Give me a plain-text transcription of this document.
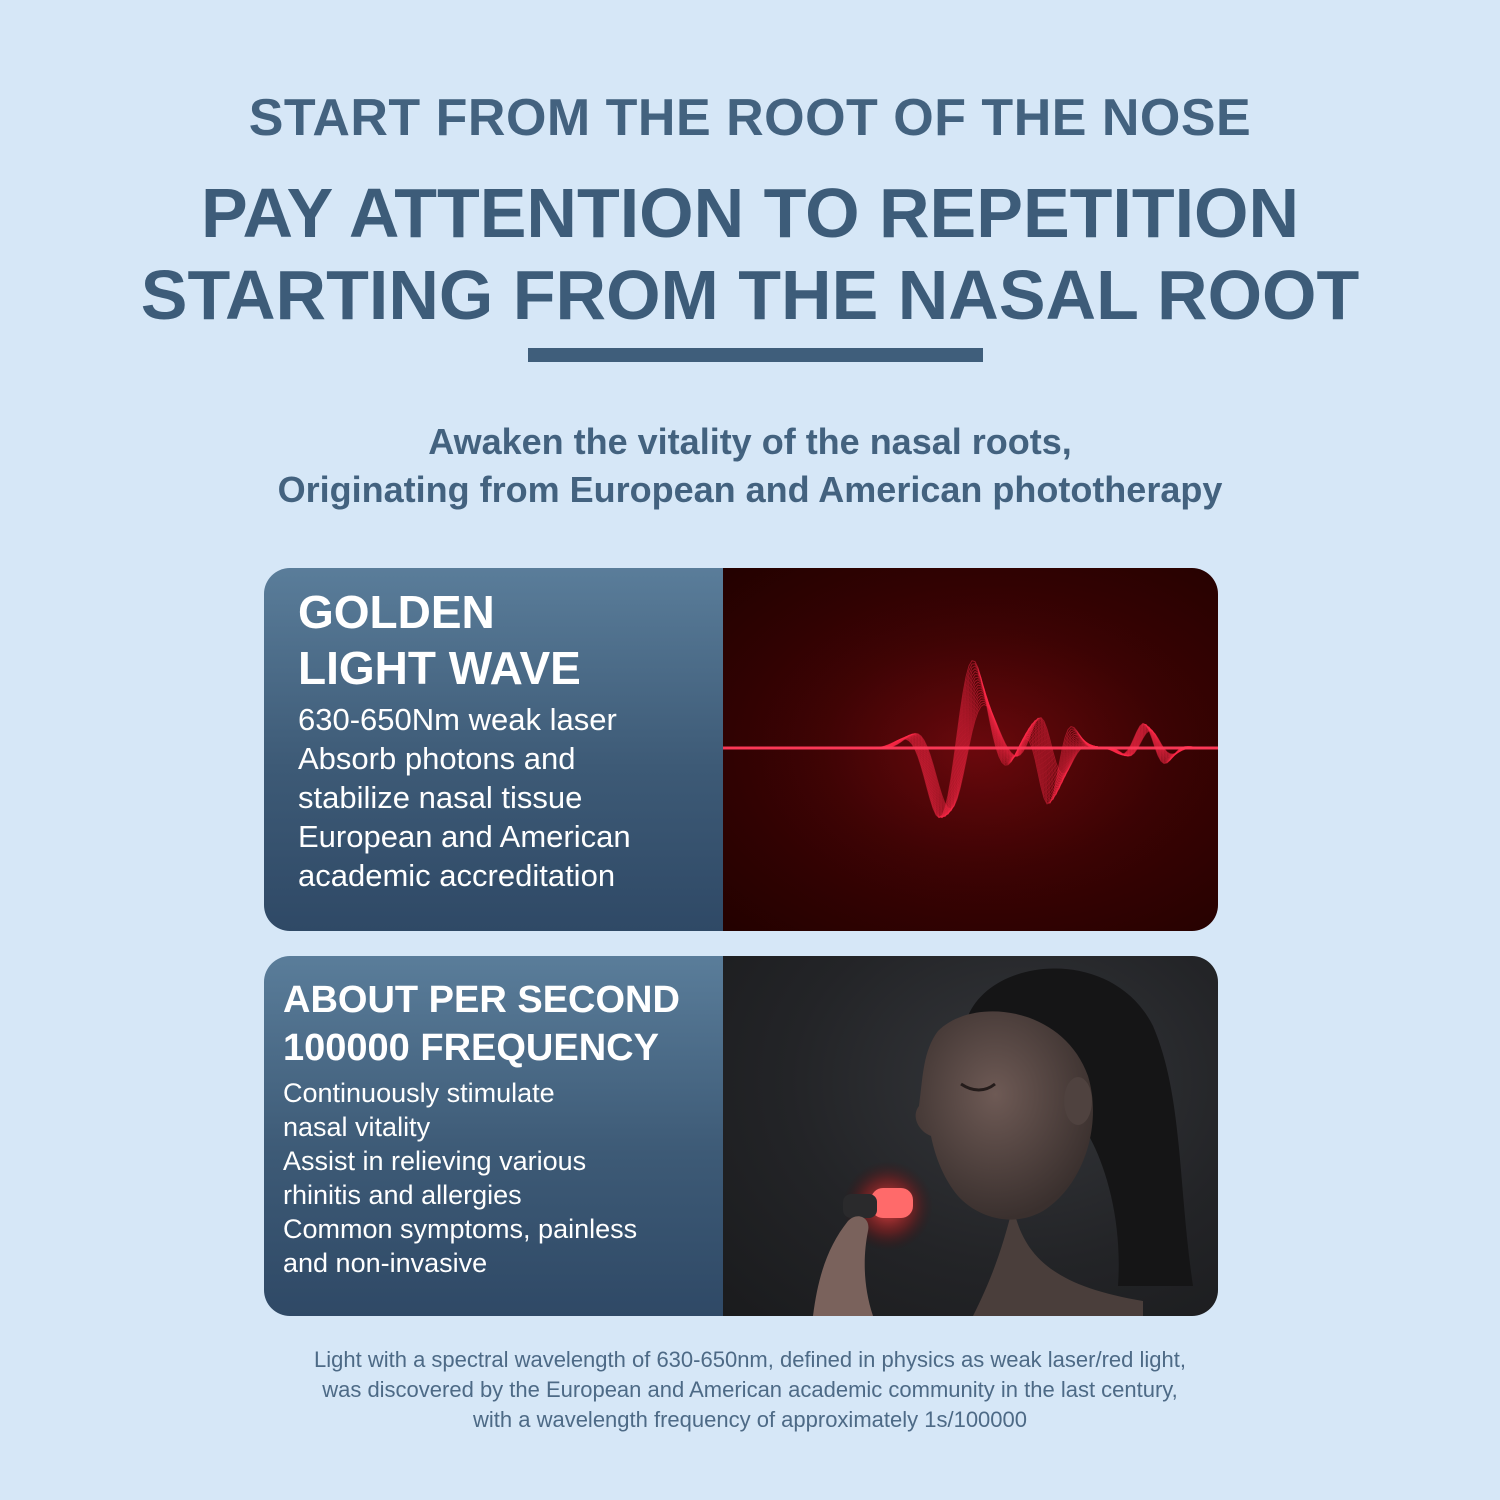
START FROM THE ROOT OF THE NOSE
PAY ATTENTION TO REPETITION
STARTING FROM THE NASAL ROOT
Awaken the vitality of the nasal roots,
Originating from European and American phototherapy
GOLDEN
LIGHT WAVE
630-650Nm weak laser
Absorb photons and
stabilize nasal tissue
European and American
academic accreditation
ABOUT PER SECOND
100000 FREQUENCY
Continuously stimulate
nasal vitality
Assist in relieving various
rhinitis and allergies
Common symptoms, painless
and non-invasive
Light with a spectral wavelength of 630-650nm, defined in physics as weak laser/red light,
was discovered by the European and American academic community in the last century,
with a wavelength frequency of approximately 1s/100000
